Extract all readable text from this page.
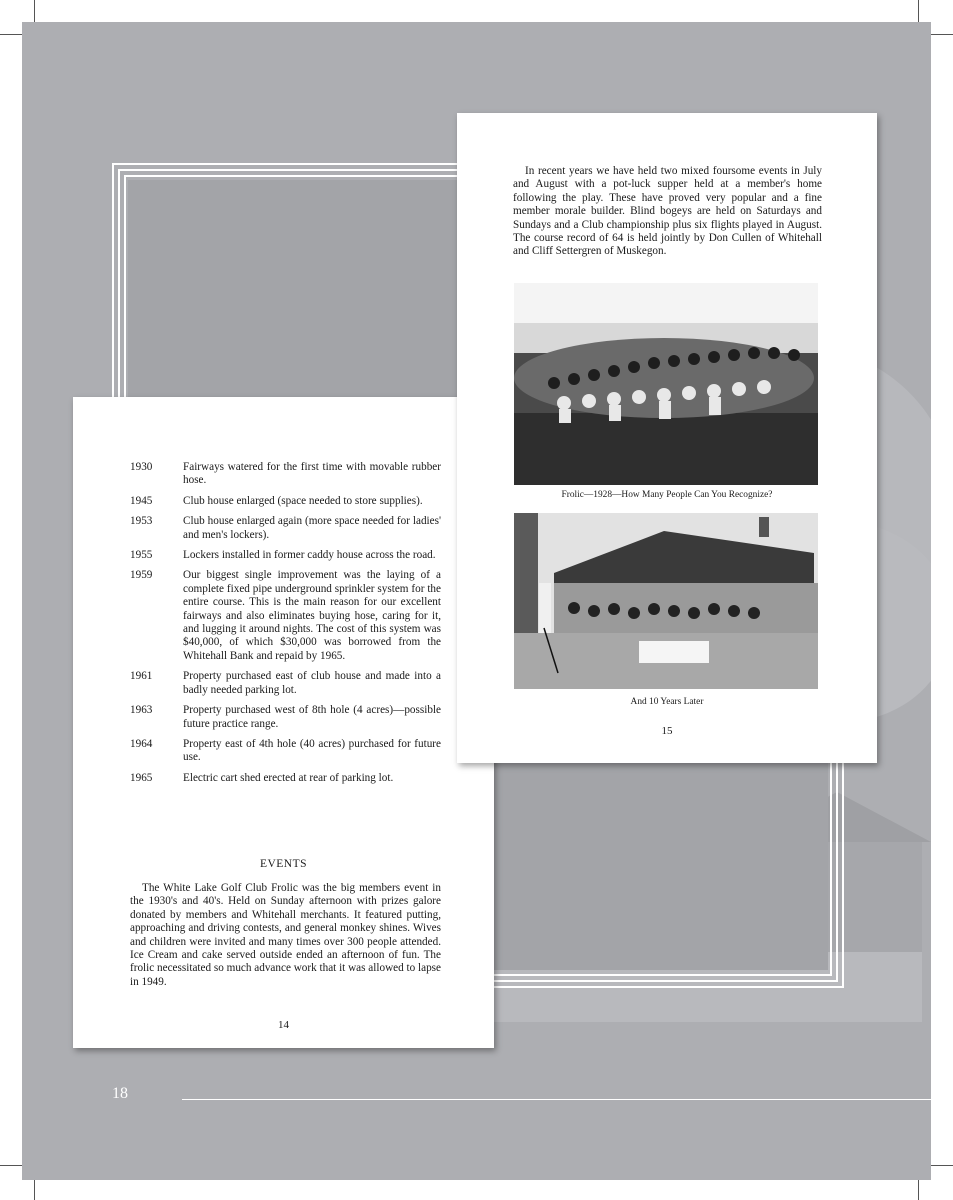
1930	Fairways watered for the first time with movable rubber hose.
1945	Club house enlarged (space needed to store supplies).
1953	Club house enlarged again (more space needed for ladies' and men's lockers).
1955	Lockers installed in former caddy house across the road.
1959	Our biggest single improvement was the laying of a complete fixed pipe underground sprinkler system for the entire course. This is the main reason for our excellent fairways and also eliminates buying hose, caring for it, and lugging it around nights. The cost of this system was $40,000, of which $30,000 was borrowed from the Whitehall Bank and repaid by 1965.
1961	Property purchased east of club house and made into a badly needed parking lot.
1963	Property purchased west of 8th hole (4 acres)—possible future practice range.
1964	Property east of 4th hole (40 acres) purchased for future use.
1965	Electric cart shed erected at rear of parking lot.
EVENTS
The White Lake Golf Club Frolic was the big members event in the 1930's and 40's. Held on Sunday afternoon with prizes galore donated by members and Whitehall merchants. It featured putting, approaching and driving contests, and general monkey shines. Wives and children were invited and many times over 300 people attended. Ice Cream and cake served outside ended an afternoon of fun. The frolic necessitated so much advance work that it was allowed to lapse in 1949.
14
In recent years we have held two mixed foursome events in July and August with a pot-luck supper held at a member's home following the play. These have proved very popular and a fine member morale builder. Blind bogeys are held on Saturdays and Sundays and a Club championship plus six flights played in August. The course record of 64 is held jointly by Don Cullen of Whitehall and Cliff Settergren of Muskegon.
Frolic—1928—How Many People Can You Recognize?
And 10 Years Later
15
18
